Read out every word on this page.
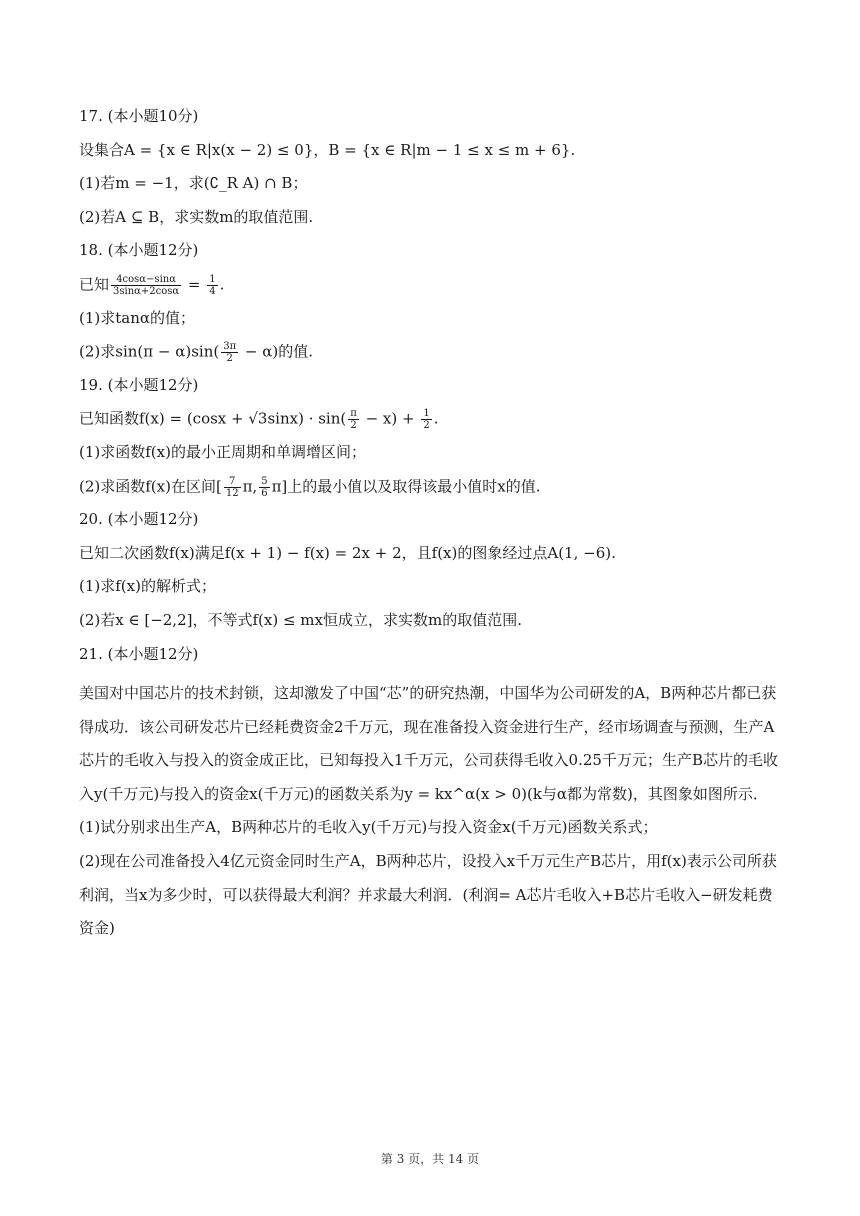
17. (本小题10分)
设集合A = {x ∈ R|x(x − 2) ≤ 0}，B = {x ∈ R|m − 1 ≤ x ≤ m + 6}.
(1)若m = −1，求(∁_R A) ∩ B；
(2)若A ⊆ B，求实数m的取值范围.
18. (本小题12分)
已知 $\frac{4\cos\alpha-\sin\alpha}{3\sin\alpha+2\cos\alpha} = \frac{1}{4}$ .
(1)求tanα的值；
(2)求$\sin(\pi - \alpha)\sin( \frac{3\pi}{2} - \alpha)$的值.
19. (本小题12分)
已知函数$f(x) = (\cos x + √3\sin x) \cdot \sin( \frac{\pi}{2} - x) + \frac{1}{2}$ .
(1)求函数f(x)的最小正周期和单调增区间；
(2)求函数f(x)在区间[ $\frac{7}{12} \pi$, $\frac{5}{6} \pi$]上的最小值以及取得该最小值时x的值.
20. (本小题12分)
已知二次函数f(x)满足f(x + 1) − f(x) = 2x + 2，且f(x)的图象经过点A(1, −6).
(1)求f(x)的解析式；
(2)若x ∈ [−2,2]，不等式f(x) ≤ mx恒成立，求实数m的取值范围.
21. (本小题12分)
美国对中国芯片的技术封锁，这却激发了中国“芯”的研究热潮，中国华为公司研发的A，B两种芯片都已获得成功．该公司研发芯片已经耗费资金2千万元，现在准备投入资金进行生产，经市场调查与预测，生产A芯片的毛收入与投入的资金成正比，已知每投入1千万元，公司获得毛收入0.25千万元；生产B芯片的毛收入y(千万元)与投入的资金x(千万元)的函数关系为y = kx^α(x > 0)(k与α都为常数)，其图象如图所示．
(1)试分别求出生产A，B两种芯片的毛收入y(千万元)与投入资金x(千万元)函数关系式；
(2)现在公司准备投入4亿元资金同时生产A，B两种芯片，设投入x千万元生产B芯片，用f(x)表示公司所获利润，当x为多少时，可以获得最大利润？并求最大利润．(利润= A芯片毛收入+B芯片毛收入−研发耗费资金)
第 3 页，共 14 页
